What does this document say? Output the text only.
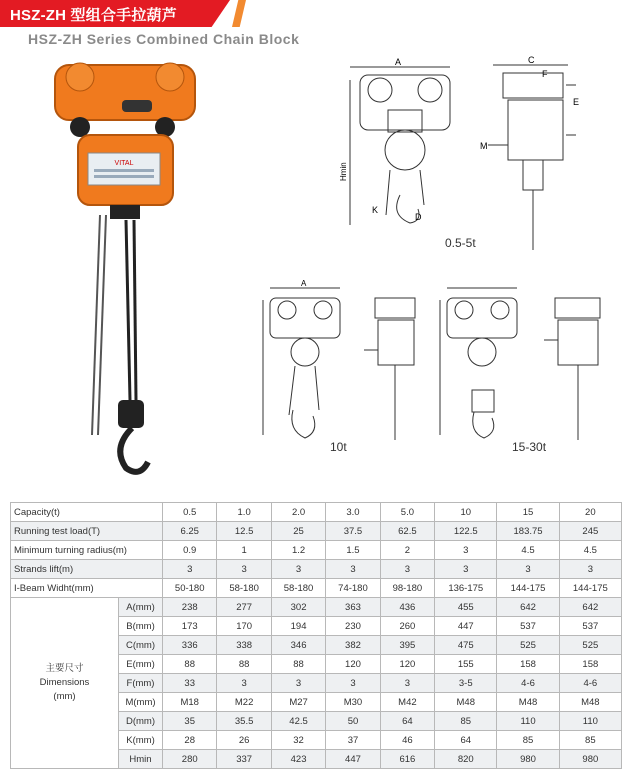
HSZ-ZH 型组合手拉葫芦
HSZ-ZH Series Combined Chain Block
VITAL
A
Hmin
D
K
C
F
E
M
0.5-5t
A
10t	15-30t
Capacity(t)		0.5	1.0	2.0	3.0	5.0	10	15	20
Running test load(T)		6.25	12.5	25	37.5	62.5	122.5	183.75	245
Minimum turning radius(m)		0.9	1	1.2	1.5	2	3	4.5	4.5
Strands lift(m)		3	3	3	3	3	3	3	3
I-Beam Widht(mm)		50-180	58-180	58-180	74-180	98-180	136-175	144-175	144-175

主要尺寸
Dimensions
(mm)	A(mm)	238	277	302	363	436	455	642	642
	B(mm)	173	170	194	230	260	447	537	537
	C(mm)	336	338	346	382	395	475	525	525
	E(mm)	88	88	88	120	120	155	158	158
	F(mm)	33	3	3	3	3	3-5	4-6	4-6
	M(mm)	M18	M22	M27	M30	M42	M48	M48	M48
	D(mm)	35	35.5	42.5	50	64	85	110	110
	K(mm)	28	26	32	37	46	64	85	85
	Hmin	280	337	423	447	616	820	980	980
